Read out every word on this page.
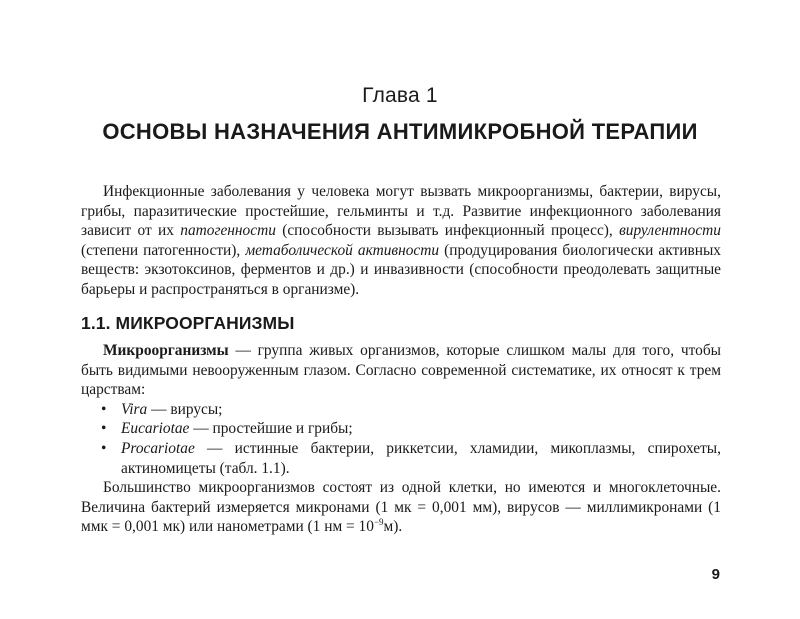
Глава 1
ОСНОВЫ НАЗНАЧЕНИЯ АНТИМИКРОБНОЙ ТЕРАПИИ

Инфекционные заболевания у человека могут вызвать микроорганизмы, бактерии, вирусы, грибы, паразитические простейшие, гельминты и т.д. Развитие инфекционного заболевания зависит от их патогенности (способности вызывать инфекционный процесс), вирулентности (степени патогенности), метаболической активности (продуцирования биологически активных веществ: экзотоксинов, ферментов и др.) и инвазивности (способности преодолевать защитные барьеры и распространяться в организме).

1.1. МИКРООРГАНИЗМЫ

Микроорганизмы — группа живых организмов, которые слишком малы для того, чтобы быть видимыми невооруженным глазом. Согласно современной систематике, их относят к трем царствам:

• Vira — вирусы;
• Eucariotae — простейшие и грибы;
• Procariotae — истинные бактерии, риккетсии, хламидии, микоплазмы, спирохеты, актиномицеты (табл. 1.1).

Большинство микроорганизмов состоят из одной клетки, но имеются и многоклеточные. Величина бактерий измеряется микронами (1 мк = 0,001 мм), вирусов — миллимикронами (1 ммк = 0,001 мк) или нанометрами (1 нм = $10^{-9}м$).

9
